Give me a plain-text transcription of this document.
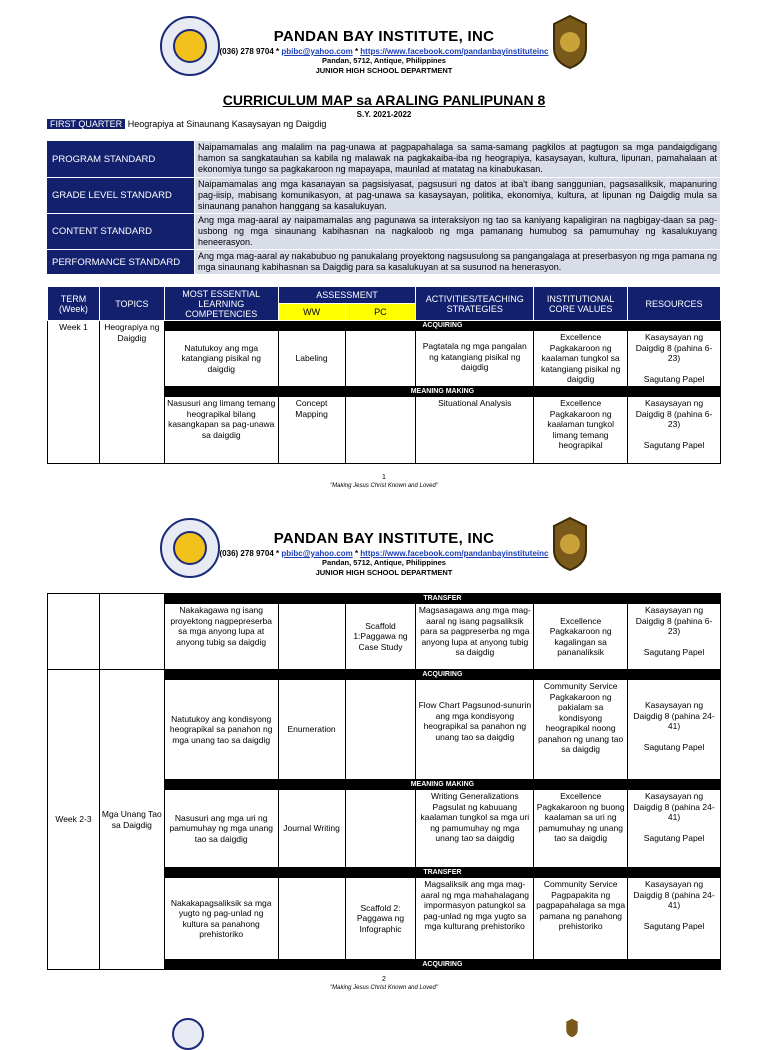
PANDAN BAY INSTITUTE, INC
(036) 278 9704 * pbibc@yahoo.com * https://www.facebook.com/pandanbayinstituteinc
Pandan, 5712, Antique, Philippines
JUNIOR HIGH SCHOOL DEPARTMENT
CURRICULUM MAP sa ARALING PANLIPUNAN 8
S.Y. 2021-2022
FIRST QUARTER Heograpiya at Sinaunang Kasaysayan ng Daigdig
PROGRAM STANDARD	Naipamamalas ang malalim na pag-unawa at pagpapahalaga sa sama-samang pagkilos at pagtugon sa mga pandaigdigang hamon sa sangkatauhan sa kabila ng malawak na pagkakaiba-iba ng heograpiya, kasaysayan, kultura, lipunan, pamahalaan at ekonomiya tungo sa pagkakaroon ng mapayapa, maunlad at matatag na kinabukasan.
GRADE LEVEL STANDARD	Naipamamalas ang mga kasanayan sa pagsisiyasat, pagsusuri ng datos at iba't ibang sanggunian, pagsasaliksik, mapanuring pag-iisip, mabisang komunikasyon, at pag-unawa sa kasaysayan, politika, ekonomiya, kultura, at lipunan ng Daigdig mula sa sinaunang panahon hanggang sa kasalukuyan.
CONTENT STANDARD	Ang mga mag-aaral ay naipamamalas ang pagunawa sa interaksiyon ng tao sa kaniyang kapaligiran na nagbigay-daan sa pag- usbong ng mga sinaunang kabihasnan na nagkaloob ng mga pamanang humubog sa pamumuhay ng kasalukuyang heneerasyon.
PERFORMANCE STANDARD	Ang mga mag-aaral ay nakabubuo ng panukalang proyektong nagsusulong sa pangangalaga at preserbasyon ng mga pamana ng mga sinaunang kabihasnan sa Daigdig para sa kasalukuyan at sa susunod na henerasyon.
TERM (Week)	TOPICS	MOST ESSENTIAL LEARNING COMPETENCIES	ASSESSMENT		ACTIVITIES/TEACHING STRATEGIES	INSTITUTIONAL CORE VALUES	RESOURCES
			WW	PC			
Week 1	Heograpiya ng Daigdig	ACQUIRING					
		Natutukoy ang mga katangiang pisikal ng daigdig	Labeling		Pagtatala ng mga pangalan ng katangiang pisikal ng daigdig	Excellence Pagkakaroon ng kaalaman tungkol sa katangiang pisikal ng daigdig	Kasaysayan ng Daigdig 8 (pahina 6-23)
Sagutang Papel

		MEANING MAKING					
		Nasusuri ang limang temang heograpikal bilang kasangkapan sa pag-unawa sa daigdig	Concept Mapping		Situational Analysis	Excellence Pagkakaroon ng kaalaman tungkol limang temang heograpikal	Kasaysayan ng Daigdig 8 (pahina 6-23)
Sagutang Papel
1
"Making Jesus Christ Known and Loved"
PANDAN BAY INSTITUTE, INC
(036) 278 9704 * pbibc@yahoo.com * https://www.facebook.com/pandanbayinstituteinc
Pandan, 5712, Antique, Philippines
JUNIOR HIGH SCHOOL DEPARTMENT
		TRANSFER					
		Nakakagawa ng isang proyektong nagpepreserba sa mga anyong lupa at anyong tubig sa daigdig		Scaffold 1:Paggawa ng Case Study	Magsasagawa ang mga mag-aaral ng isang pagsaliksik para sa pagpreserba ng mga anyong lupa at anyong tubig sa daigdig	Excellence Pagkakaroon ng kagalingan sa pananaliksik	Kasaysayan ng Daigdig 8 (pahina 6-23)
Sagutang Papel

Week 2-3	Mga Unang Tao sa Daigdig	ACQUIRING					
		Natutukoy ang kondisyong heograpikal sa panahon ng mga unang tao sa daigdig	Enumeration		Flow Chart Pagsunod-sunurin ang mga kondisyong heograpikal sa panahon ng unang tao sa daigdig	Community Service Pagkakaroon ng pakialam sa kondisyong heograpikal noong panahon ng unang tao sa daigdig	Kasaysayan ng Daigdig 8 (pahina 24-41)
Sagutang Papel

		MEANING MAKING					
		Nasusuri ang mga uri ng pamumuhay ng mga unang tao sa daigdig	Journal Writing		Writing Generalizations Pagsulat ng kabuuang kaalaman tungkol sa mga uri ng pamumuhay ng mga unang tao sa daigdig	Excellence Pagkakaroon ng buong kaalaman sa uri ng pamumuhay ng unang tao sa daigdig	Kasaysayan ng Daigdig 8 (pahina 24-41)
Sagutang Papel

		TRANSFER					
		Nakakapagsaliksik sa mga yugto ng pag-unlad ng kultura sa panahong prehistoriko		Scaffold 2: Paggawa ng Infographic	Magsaliksik ang mga mag-aaral ng mga mahahalagang impormasyon patungkol sa pag-unlad ng mga yugto sa mga kulturang prehistoriko	Community Service Pagpapakita ng pagpapahalaga sa mga pamana ng panahong prehistoriko	Kasaysayan ng Daigdig 8 (pahina 24-41)
Sagutang Papel

		ACQUIRING					
2
"Making Jesus Christ Known and Loved"
